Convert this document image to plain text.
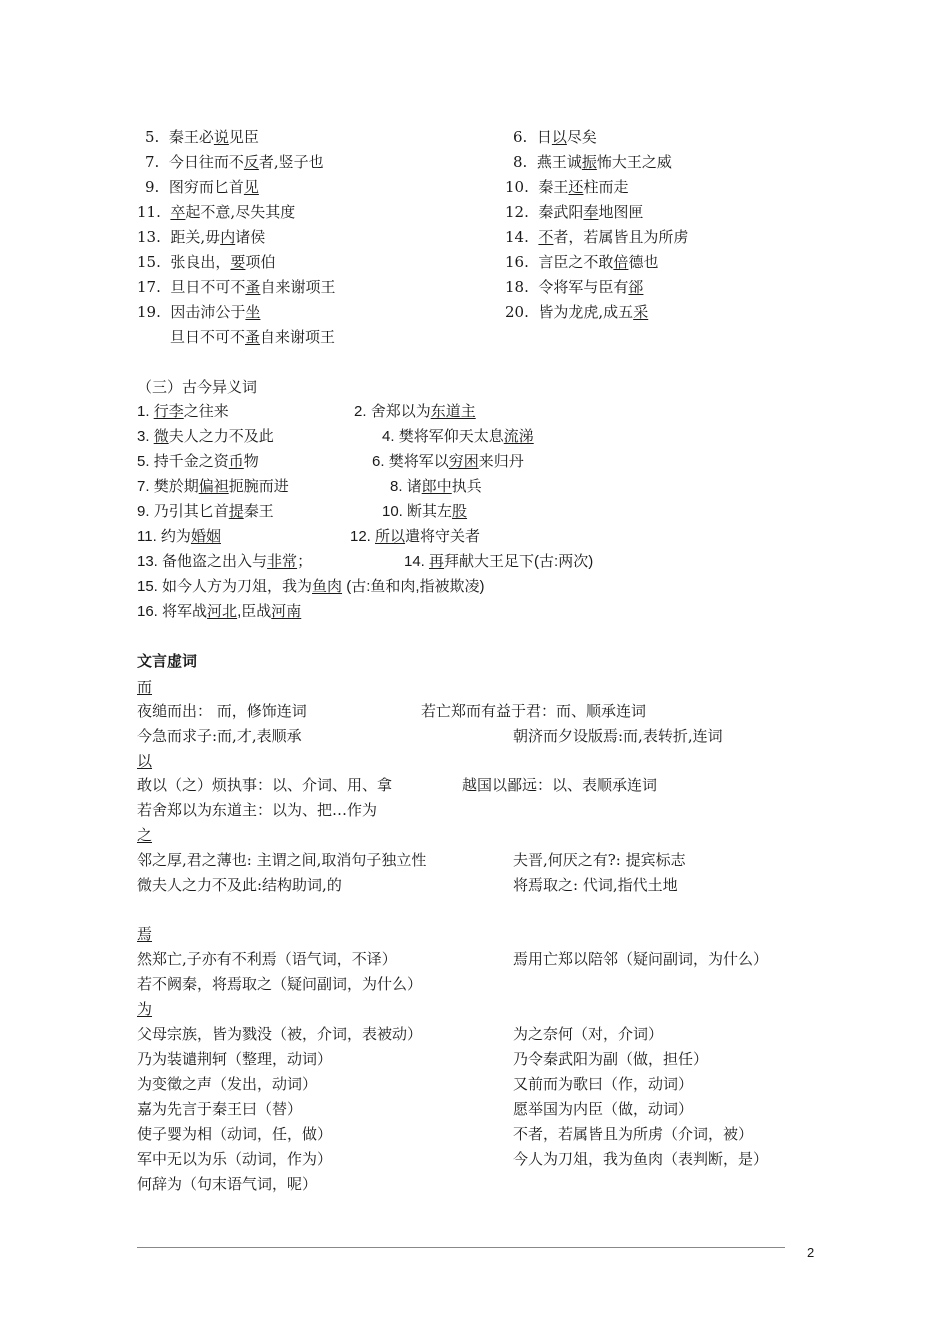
5. 秦王必说见臣	6. 日以尽矣
7. 今日往而不反者,竖子也	8. 燕王诚振怖大王之威
9. 图穷而匕首见	10. 秦王还柱而走
11. 卒起不意,尽失其度	12. 秦武阳奉地图匣
13. 距关,毋内诸侯	14. 不者，若属皆且为所虏
15. 张良出，要项伯	16. 言臣之不敢倍德也
17. 旦日不可不蚤自来谢项王	18. 令将军与臣有郤
19. 因击沛公于坐	20. 皆为龙虎,成五采
旦日不可不蚤自来谢项王
（三）古今异义词
1. 行李之往来	2. 舍郑以为东道主
3. 微夫人之力不及此	4. 樊将军仰天太息流涕
5. 持千金之资币物	6. 樊将军以穷困来归丹
7. 樊於期偏袒扼腕而进	8. 诸郎中执兵
9. 乃引其匕首提秦王	10. 断其左股
11. 约为婚姻	12. 所以遣将守关者
13. 备他盗之出入与非常；	14. 再拜献大王足下(古:两次)
15. 如今人方为刀俎，我为鱼肉 (古:鱼和肉,指被欺凌)
16. 将军战河北,臣战河南
文言虚词
而
夜缒而出： 而，修饰连词	若亡郑而有益于君：而、顺承连词
今急而求子:而,才,表顺承	朝济而夕设版焉:而,表转折,连词
以
敢以（之）烦执事：以、介词、用、拿	越国以鄙远：以、表顺承连词
若舍郑以为东道主：以为、把…作为
之
邻之厚,君之薄也: 主谓之间,取消句子独立性	夫晋,何厌之有?: 提宾标志
微夫人之力不及此:结构助词,的	将焉取之: 代词,指代土地
焉
然郑亡,子亦有不利焉（语气词，不译）	焉用亡郑以陪邻（疑问副词，为什么）
若不阙秦，将焉取之（疑问副词，为什么）
为
父母宗族，皆为戮没（被，介词，表被动）	为之奈何（对，介词）
乃为装谴荆轲（整理，动词）	乃令秦武阳为副（做，担任）
为变徵之声（发出，动词）	又前而为歌曰（作，动词）
嘉为先言于秦王曰（替）	愿举国为内臣（做，动词）
使子婴为相（动词，任，做）	不者，若属皆且为所虏（介词，被）
军中无以为乐（动词，作为）	今人为刀俎，我为鱼肉（表判断，是）
何辞为（句末语气词，呢）
2
